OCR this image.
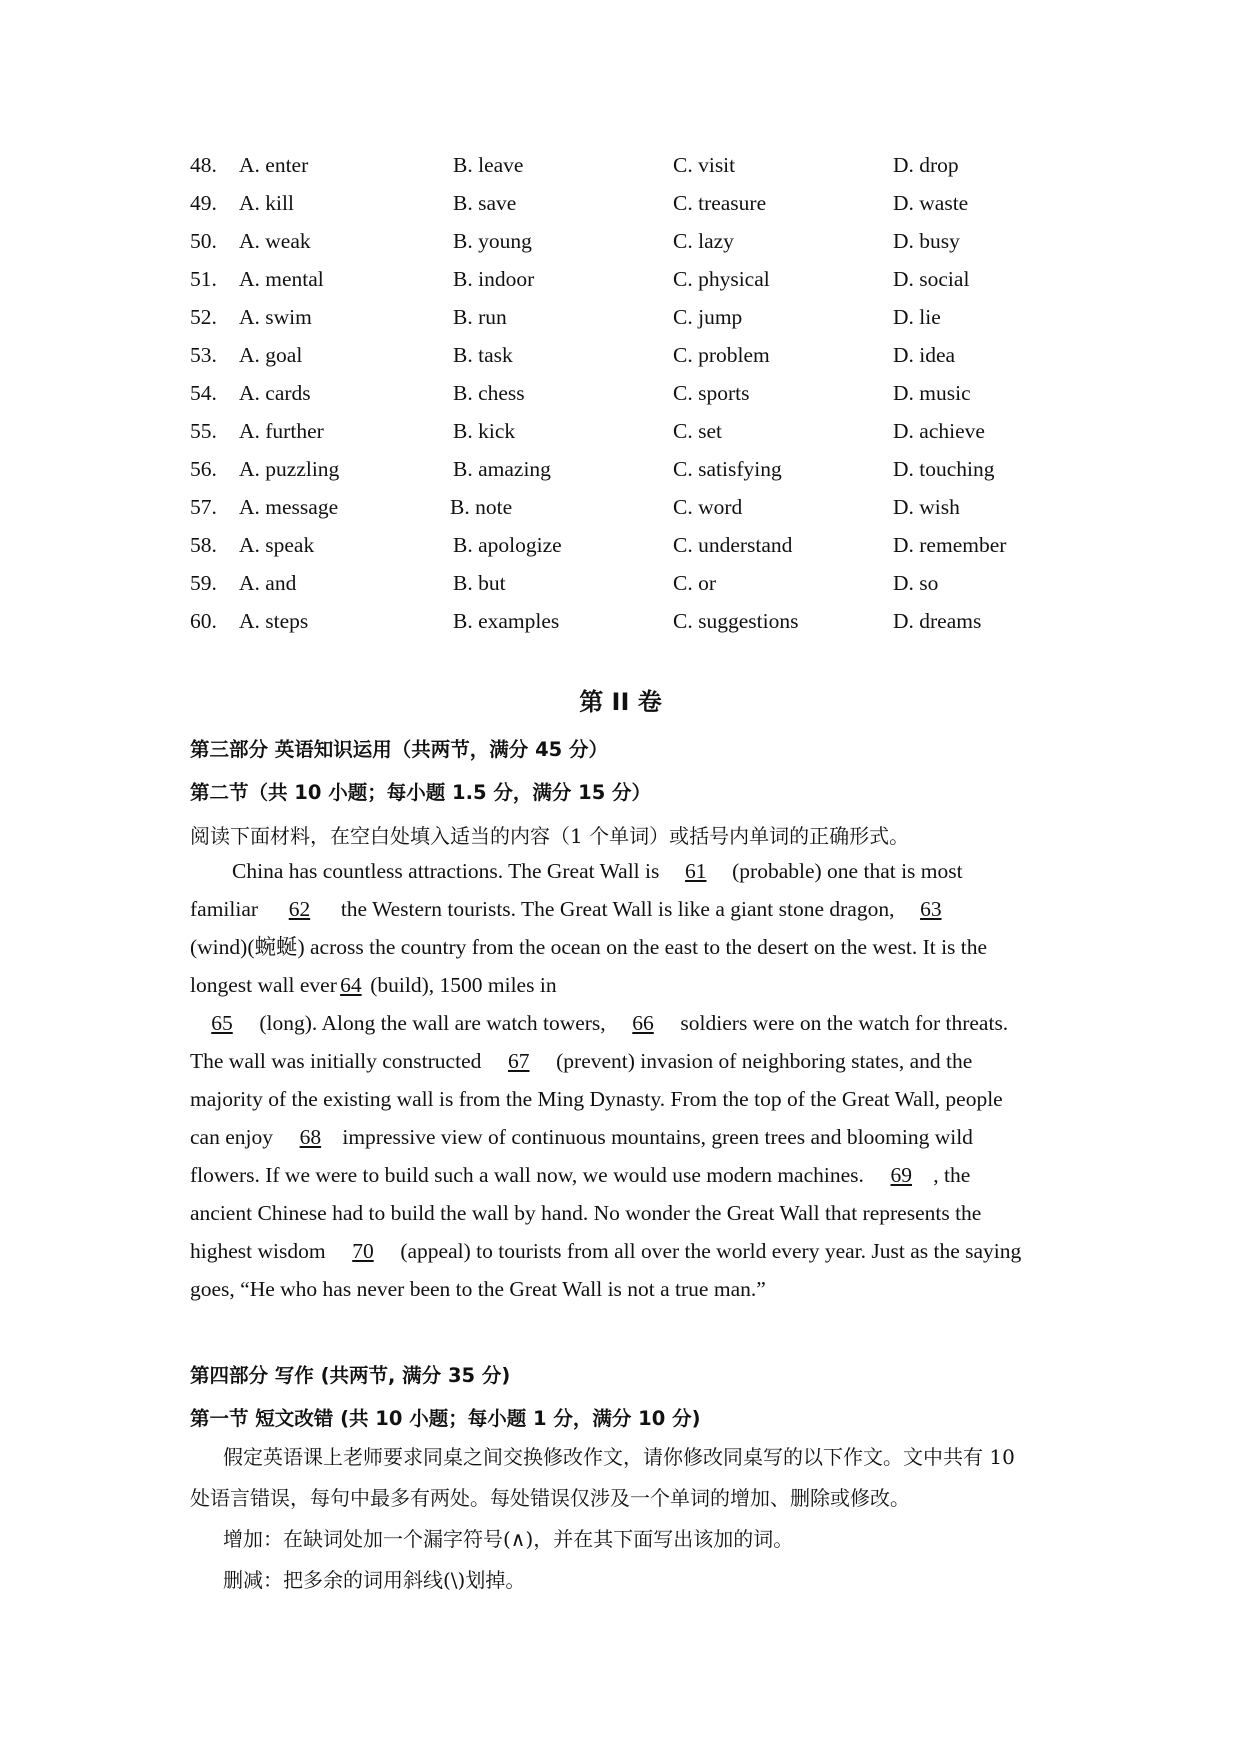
48. A. enter	B. leave	C. visit	D. drop
49. A. kill	B. save	C. treasure	D. waste
50. A. weak	B. young	C. lazy	D. busy
51. A. mental	B. indoor	C. physical	D. social
52. A. swim	B. run	C. jump	D. lie
53. A. goal	B. task	C. problem	D. idea
54. A. cards	B. chess	C. sports	D. music
55. A. further	B. kick	C. set	D. achieve
56. A. puzzling	B. amazing	C. satisfying	D. touching
57. A. message	B. note	C. word	D. wish
58. A. speak	B. apologize	C. understand	D. remember
59. A. and	B. but	C. or	D. so
60. A. steps	B. examples	C. suggestions	D. dreams
第 II 卷
第三部分 英语知识运用（共两节，满分 45 分）
第二节（共 10 小题；每小题 1.5 分，满分 15 分）
阅读下面材料，在空白处填入适当的内容（1 个单词）或括号内单词的正确形式。
China has countless attractions. The Great Wall is 61 (probable) one that is most
familiar 62 the Western tourists. The Great Wall is like a giant stone dragon, 63
(wind)(蜿蜒) across the country from the ocean on the east to the desert on the west. It is the
longest wall ever 64 (build), 1500 miles in
65 (long). Along the wall are watch towers, 66 soldiers were on the watch for threats.
The wall was initially constructed 67 (prevent) invasion of neighboring states, and the
majority of the existing wall is from the Ming Dynasty. From the top of the Great Wall, people
can enjoy 68 impressive view of continuous mountains, green trees and blooming wild
flowers. If we were to build such a wall now, we would use modern machines. 69 , the
ancient Chinese had to build the wall by hand. No wonder the Great Wall that represents the
highest wisdom 70 (appeal) to tourists from all over the world every year. Just as the saying
goes, “He who has never been to the Great Wall is not a true man.”
第四部分 写作 (共两节, 满分 35 分)
第一节 短文改错 (共 10 小题；每小题 1 分，满分 10 分)
假定英语课上老师要求同桌之间交换修改作文，请你修改同桌写的以下作文。文中共有 10
处语言错误，每句中最多有两处。每处错误仅涉及一个单词的增加、删除或修改。
增加：在缺词处加一个漏字符号(∧)，并在其下面写出该加的词。
删减：把多余的词用斜线(\)划掉。
